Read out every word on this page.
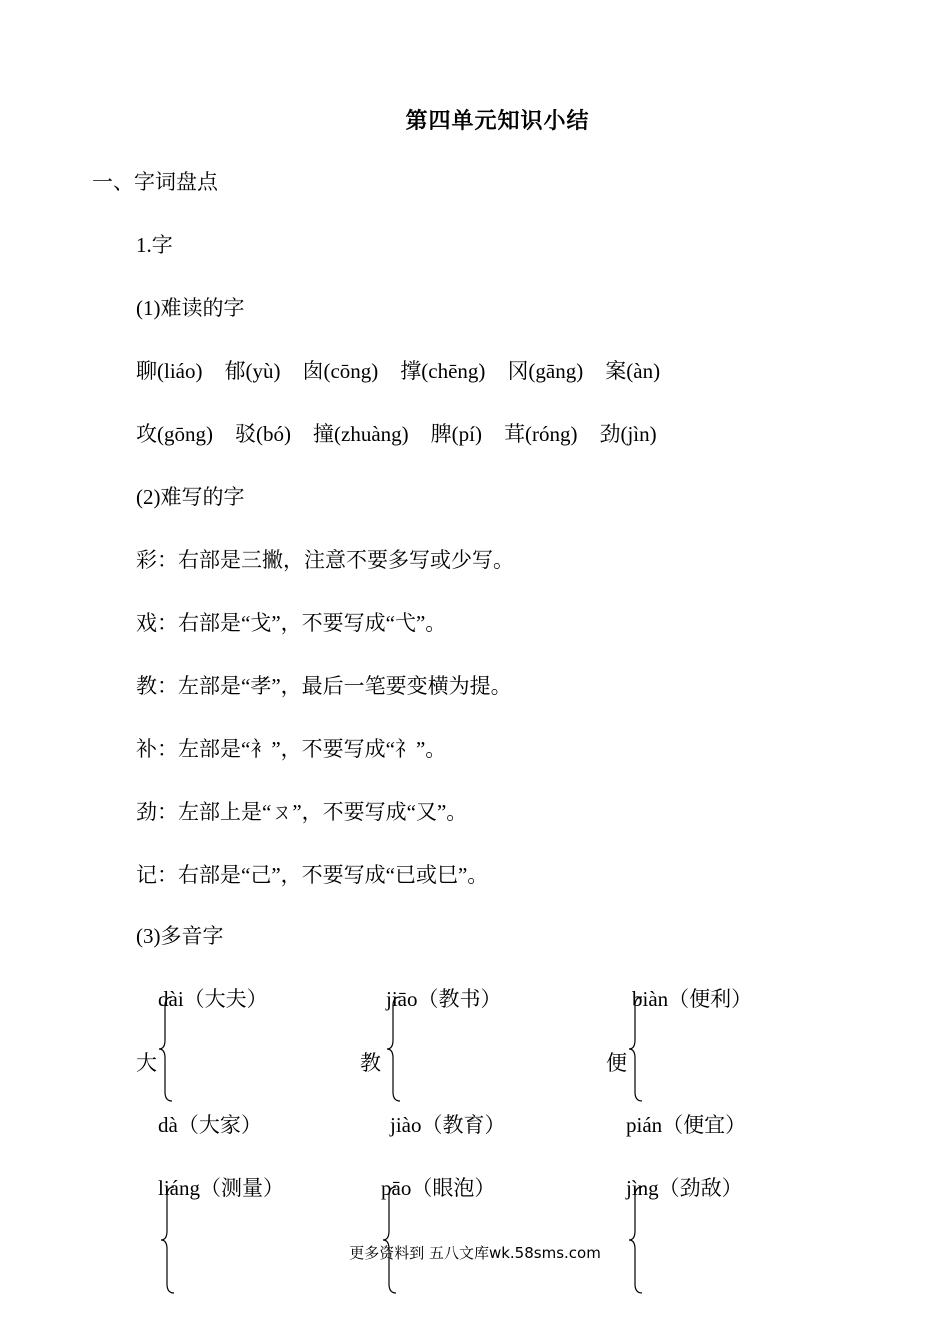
第四单元知识小结
一、字词盘点
1.字
(1)难读的字
聊(liáo) 郁(yù) 囱(cōng) 撑(chēng) 冈(gāng) 案(àn)
攻(gōng) 驳(bó) 撞(zhuàng) 脾(pí) 茸(róng) 劲(jìn)
(2)难写的字
彩：右部是三撇，注意不要多写或少写。
戏：右部是“戈”，不要写成“弋”。
教：左部是“孝”，最后一笔要变横为提。
补：左部是“衤”，不要写成“礻”。
劲：左部上是“ㄡ”，不要写成“又”。
记：右部是“己”，不要写成“已或巳”。
(3)多音字
dài（大夫）
大
dà（大家）
jiāo（教书）
教
jiào（教育）
biàn（便利）
便
pián（便宜）
liáng（测量）	pāo（眼泡）	jìng（劲敌）
更多资料到 五八文库wk.58sms.com
